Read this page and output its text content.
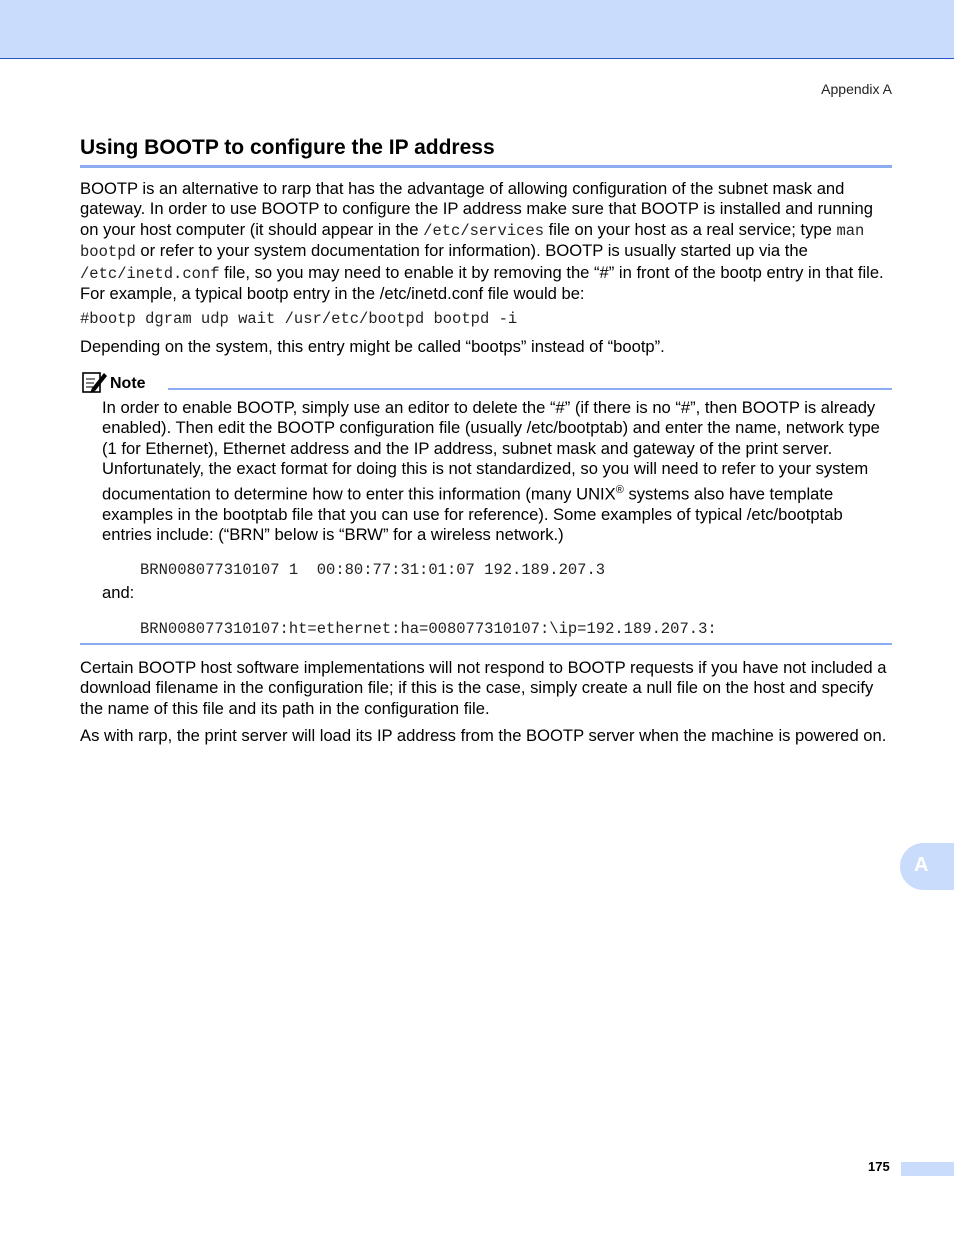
Appendix A
Using BOOTP to configure the IP address

BOOTP is an alternative to rarp that has the advantage of allowing configuration of the subnet mask and gateway. In order to use BOOTP to configure the IP address make sure that BOOTP is installed and running on your host computer (it should appear in the /etc/services file on your host as a real service; type man bootpd or refer to your system documentation for information). BOOTP is usually started up via the /etc/inetd.conf file, so you may need to enable it by removing the “#” in front of the bootp entry in that file. For example, a typical bootp entry in the /etc/inetd.conf file would be:

#bootp dgram udp wait /usr/etc/bootpd bootpd -i

Depending on the system, this entry might be called “bootps” instead of “bootp”.

Note

In order to enable BOOTP, simply use an editor to delete the “#” (if there is no “#”, then BOOTP is already enabled). Then edit the BOOTP configuration file (usually /etc/bootptab) and enter the name, network type (1 for Ethernet), Ethernet address and the IP address, subnet mask and gateway of the print server. Unfortunately, the exact format for doing this is not standardized, so you will need to refer to your system documentation to determine how to enter this information (many UNIX® systems also have template examples in the bootptab file that you can use for reference). Some examples of typical /etc/bootptab entries include: (“BRN” below is “BRW” for a wireless network.)

BRN008077310107 1  00:80:77:31:01:07 192.189.207.3
and:
BRN008077310107:ht=ethernet:ha=008077310107:\ip=192.189.207.3:

Certain BOOTP host software implementations will not respond to BOOTP requests if you have not included a download filename in the configuration file; if this is the case, simply create a null file on the host and specify the name of this file and its path in the configuration file.

As with rarp, the print server will load its IP address from the BOOTP server when the machine is powered on.

A
175
